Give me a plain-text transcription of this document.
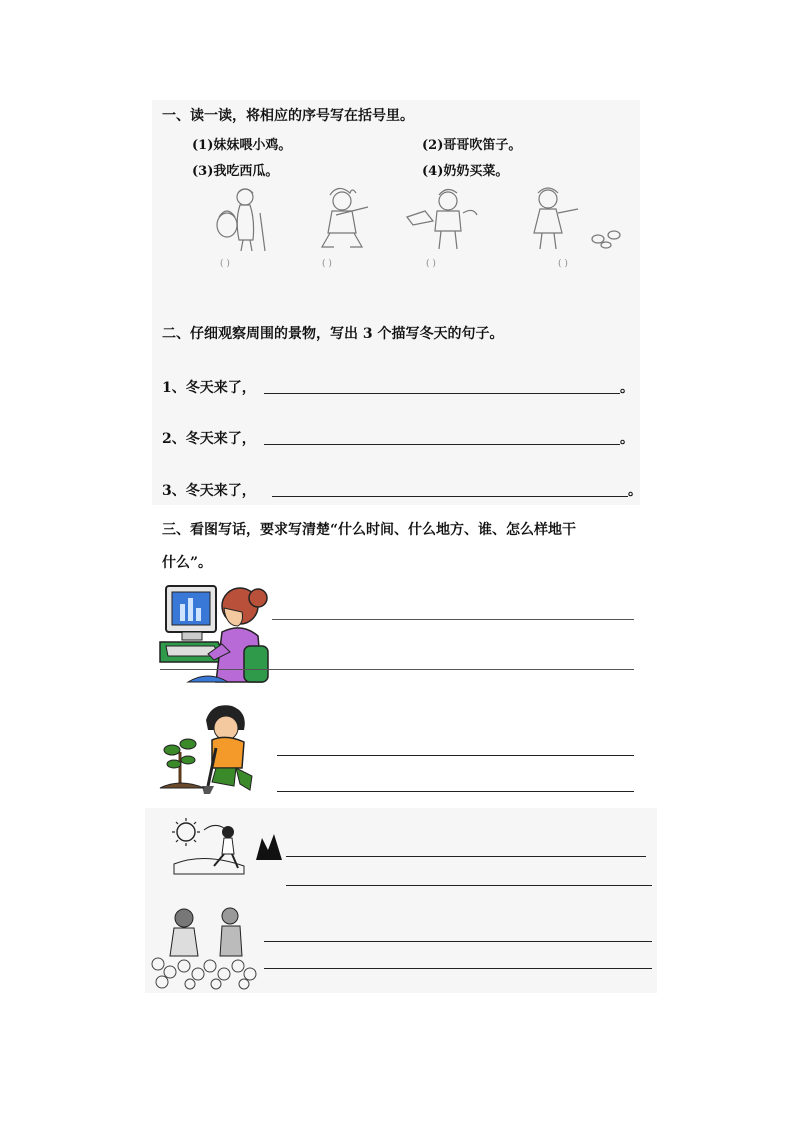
一、读一读，将相应的序号写在括号里。
(1)妹妹喂小鸡。	(2)哥哥吹笛子。
(3)我吃西瓜。	(4)奶奶买菜。
( )	( )	( )	( )
二、仔细观察周围的景物，写出 3 个描写冬天的句子。
1、冬天来了，	。
2、冬天来了，	。
3、冬天来了，	。
三、看图写话，要求写清楚“什么时间、什么地方、谁、怎么样地干
什么”。
